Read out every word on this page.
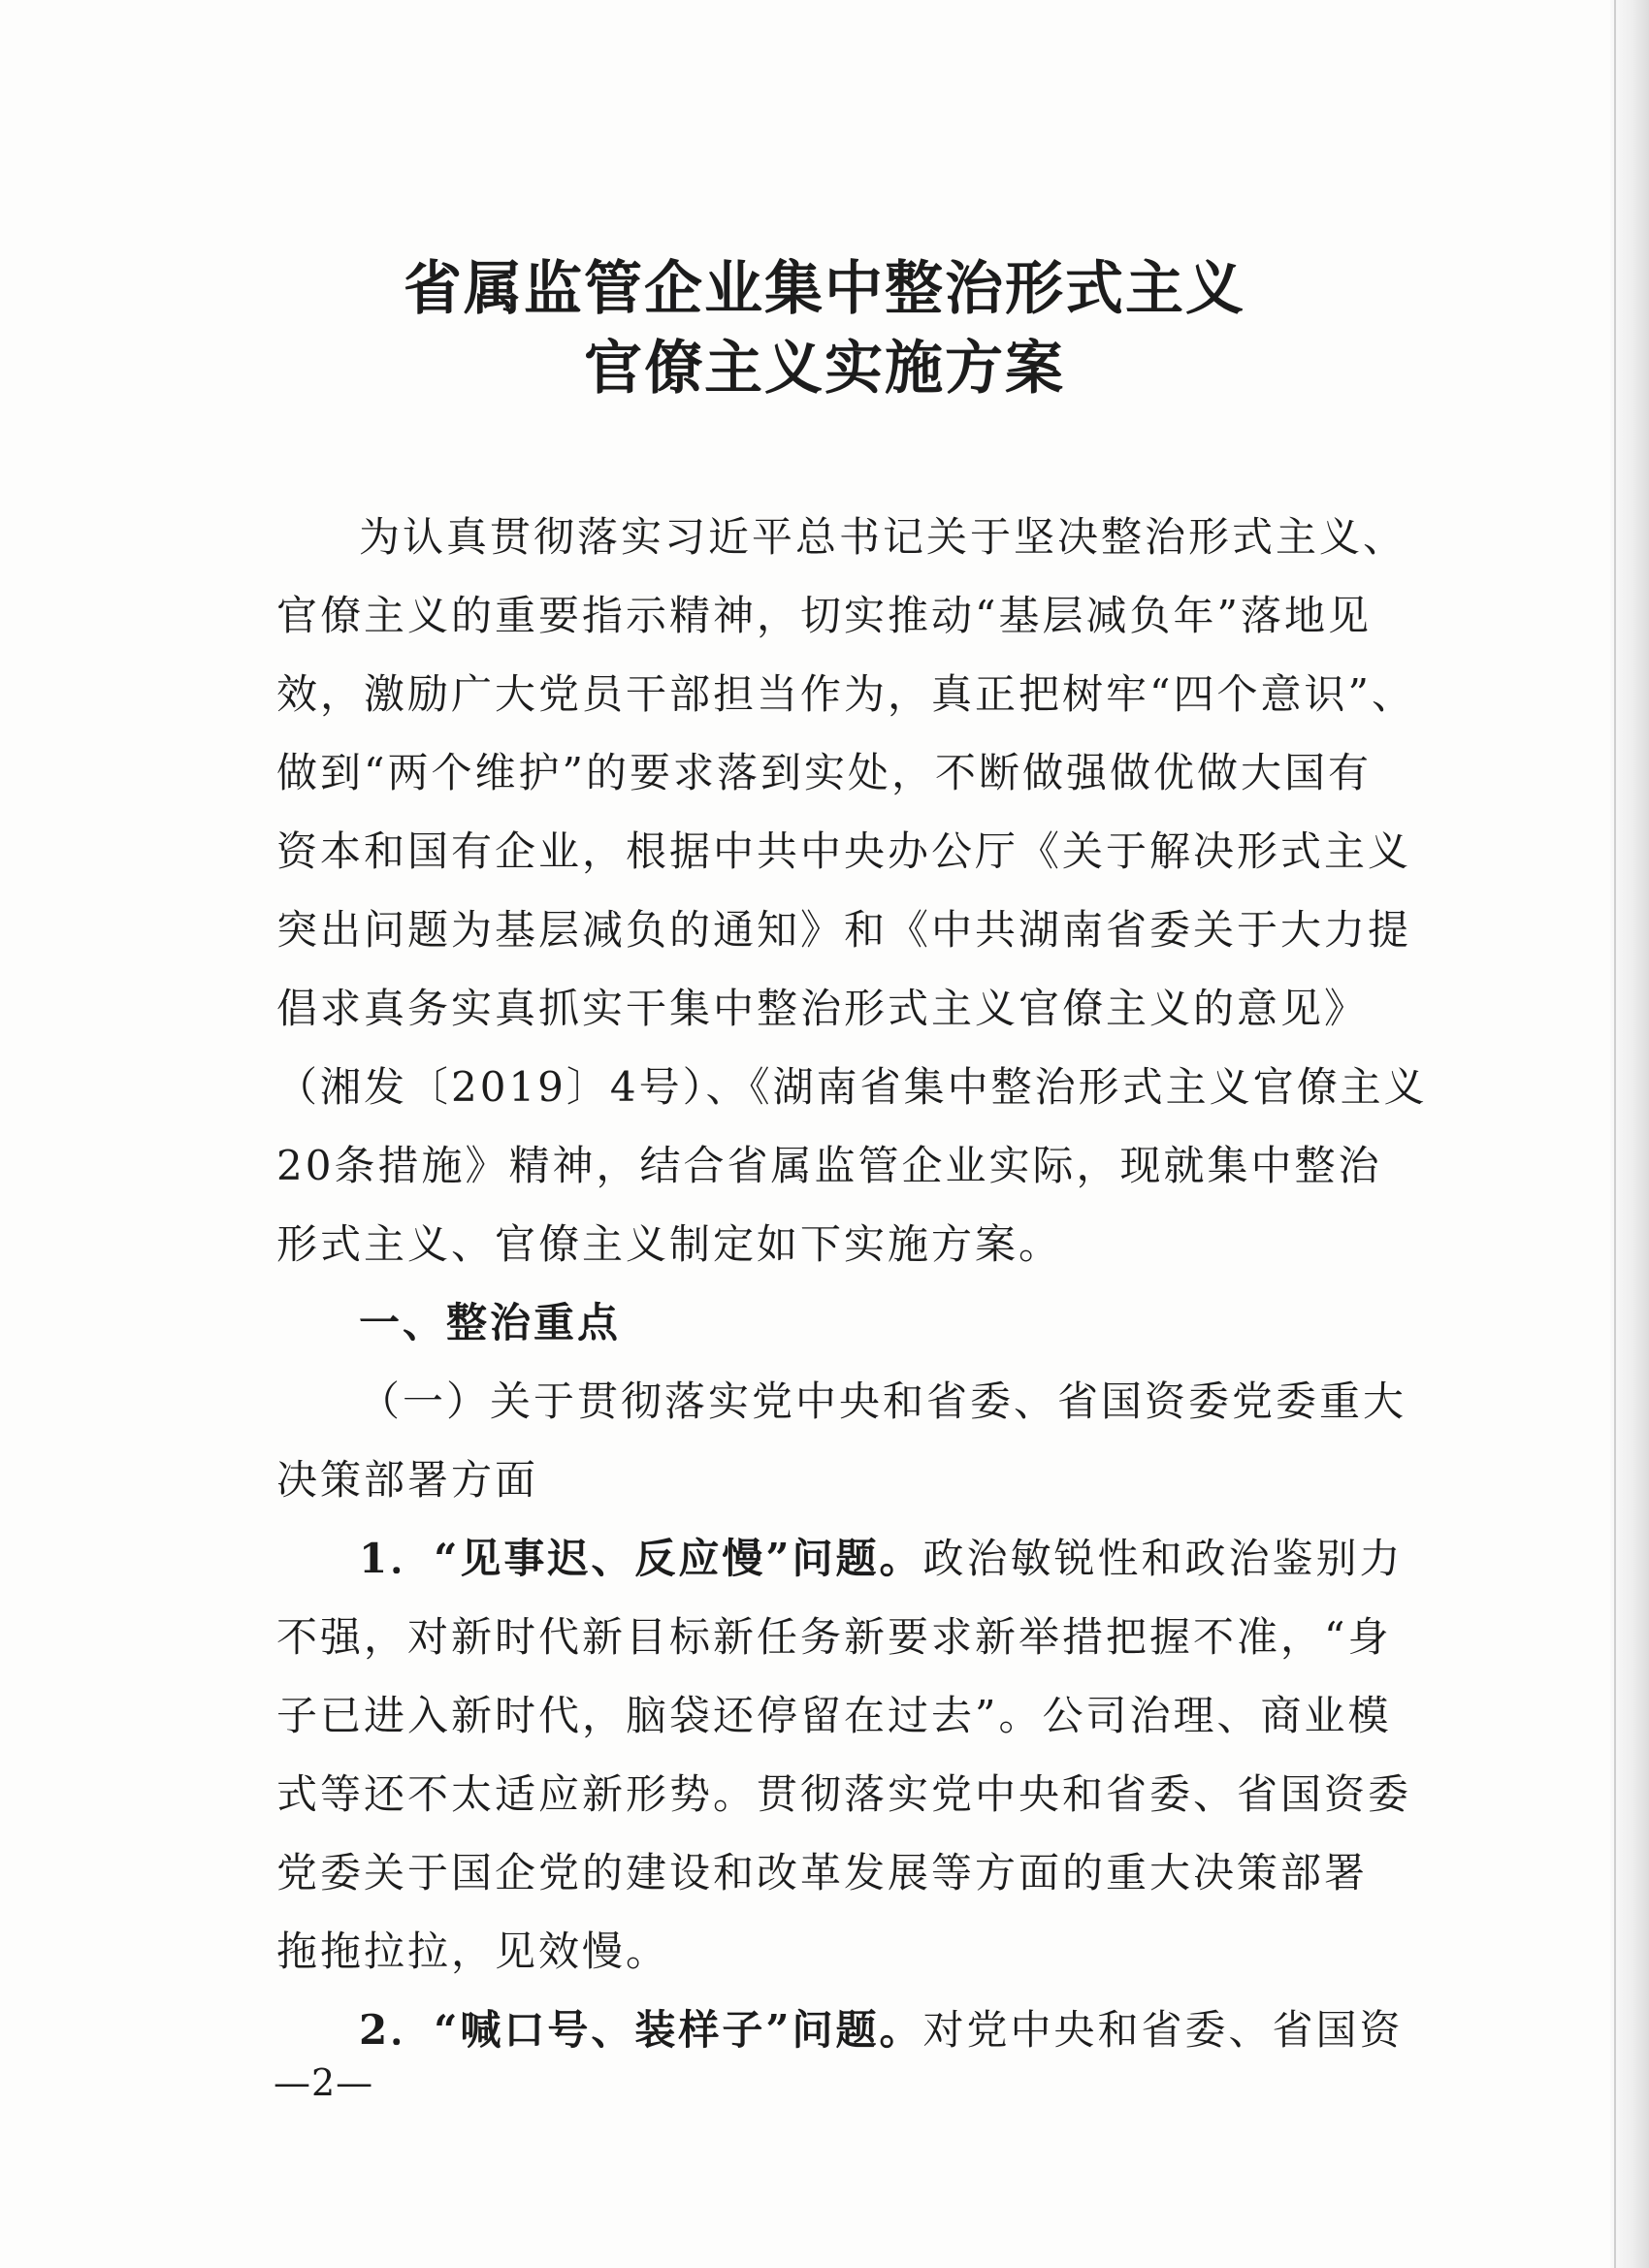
省属监管企业集中整治形式主义
官僚主义实施方案
为认真贯彻落实习近平总书记关于坚决整治形式主义、
官僚主义的重要指示精神，切实推动“基层减负年”落地见
效，激励广大党员干部担当作为，真正把树牢“四个意识”、
做到“两个维护”的要求落到实处，不断做强做优做大国有
资本和国有企业，根据中共中央办公厅《关于解决形式主义
突出问题为基层减负的通知》和《中共湖南省委关于大力提
倡求真务实真抓实干集中整治形式主义官僚主义的意见》
（湘发〔2019〕4号）、《湖南省集中整治形式主义官僚主义
20条措施》精神，结合省属监管企业实际，现就集中整治
形式主义、官僚主义制定如下实施方案。
一、整治重点
（一）关于贯彻落实党中央和省委、省国资委党委重大
决策部署方面
1．“见事迟、反应慢”问题。政治敏锐性和政治鉴别力
不强，对新时代新目标新任务新要求新举措把握不准，“身
子已进入新时代，脑袋还停留在过去”。公司治理、商业模
式等还不太适应新形势。贯彻落实党中央和省委、省国资委
党委关于国企党的建设和改革发展等方面的重大决策部署
拖拖拉拉，见效慢。
2．“喊口号、装样子”问题。对党中央和省委、省国资
—2—
